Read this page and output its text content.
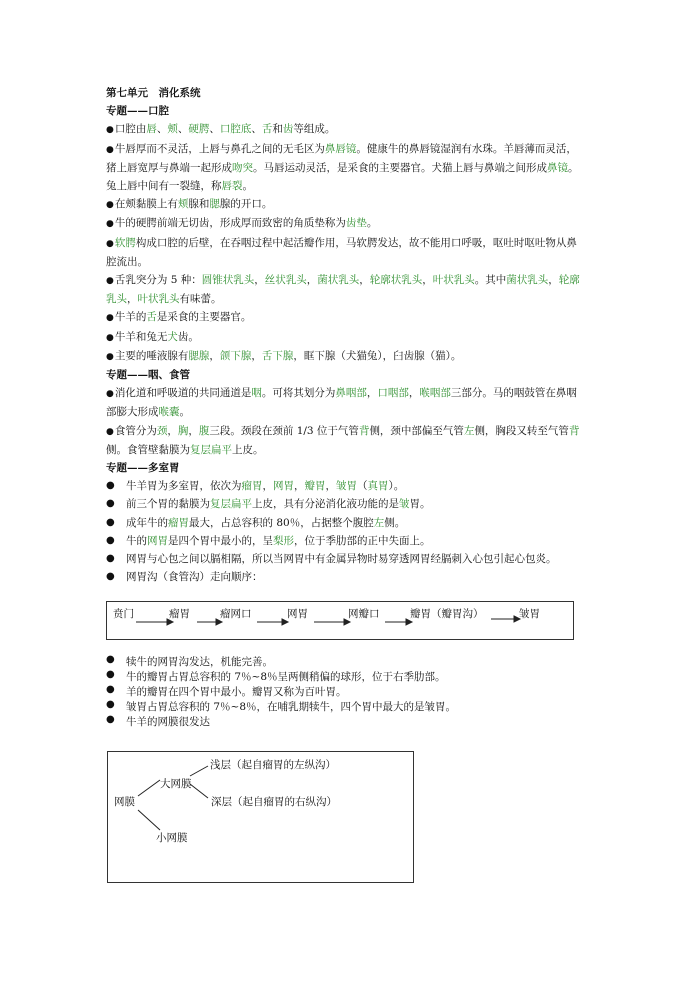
第七单元　消化系统

专题——口腔

● 口腔由唇、颊、硬腭、口腔底、舌和齿等组成。

● 牛唇厚而不灵活，上唇与鼻孔之间的无毛区为鼻唇镜。健康牛的鼻唇镜湿润有水珠。羊唇薄而灵活，猪上唇宽厚与鼻端一起形成吻突。马唇运动灵活，是采食的主要器官。犬猫上唇与鼻端之间形成鼻镜。兔上唇中间有一裂缝，称唇裂。

● 在颊黏膜上有颊腺和腮腺的开口。

● 牛的硬腭前端无切齿，形成厚而致密的角质垫称为齿垫。

● 软腭构成口腔的后壁，在吞咽过程中起活瓣作用，马软腭发达，故不能用口呼吸，呕吐时呕吐物从鼻腔流出。

● 舌乳突分为 5 种：圆锥状乳头，丝状乳头，菌状乳头，轮廓状乳头，叶状乳头。其中菌状乳头，轮廓乳头，叶状乳头有味蕾。

● 牛羊的舌是采食的主要器官。

● 牛羊和兔无犬齿。

● 主要的唾液腺有腮腺，颌下腺，舌下腺，眶下腺（犬猫兔），臼齿腺（猫）。

专题——咽、食管

● 消化道和呼吸道的共同通道是咽。可将其划分为鼻咽部，口咽部，喉咽部三部分。马的咽鼓管在鼻咽部膨大形成喉囊。

● 食管分为颈，胸，腹三段。颈段在颈前 1/3 位于气管背侧，颈中部偏至气管左侧，胸段又转至气管背侧。食管壁黏膜为复层扁平上皮。

专题——多室胃

●	牛羊胃为多室胃，依次为瘤胃，网胃，瓣胃，皱胃（真胃）。
●	前三个胃的黏膜为复层扁平上皮，具有分泌消化液功能的是皱胃。
●	成年牛的瘤胃最大，占总容积的 80％，占据整个腹腔左侧。
●	牛的网胃是四个胃中最小的，呈梨形，位于季肋部的正中失面上。
●	网胃与心包之间以膈相隔，所以当网胃中有金属异物时易穿透网胃经膈刺入心包引起心包炎。
●	网胃沟（食管沟）走向顺序：
贲门	瘤胃	瘤网口	网胃	网瓣口	瓣胃（瓣胃沟）	皱胃
●	犊牛的网胃沟发达，机能完善。
●	牛的瓣胃占胃总容积的 7％~8％呈两侧稍偏的球形，位于右季肋部。
●	羊的瓣胃在四个胃中最小。瓣胃又称为百叶胃。
●	皱胃占胃总容积的 7％~8％，在哺乳期犊牛，四个胃中最大的是皱胃。
●	牛羊的网膜很发达
网膜
大网膜
小网膜
浅层（起自瘤胃的左纵沟）
深层（起自瘤胃的右纵沟）
